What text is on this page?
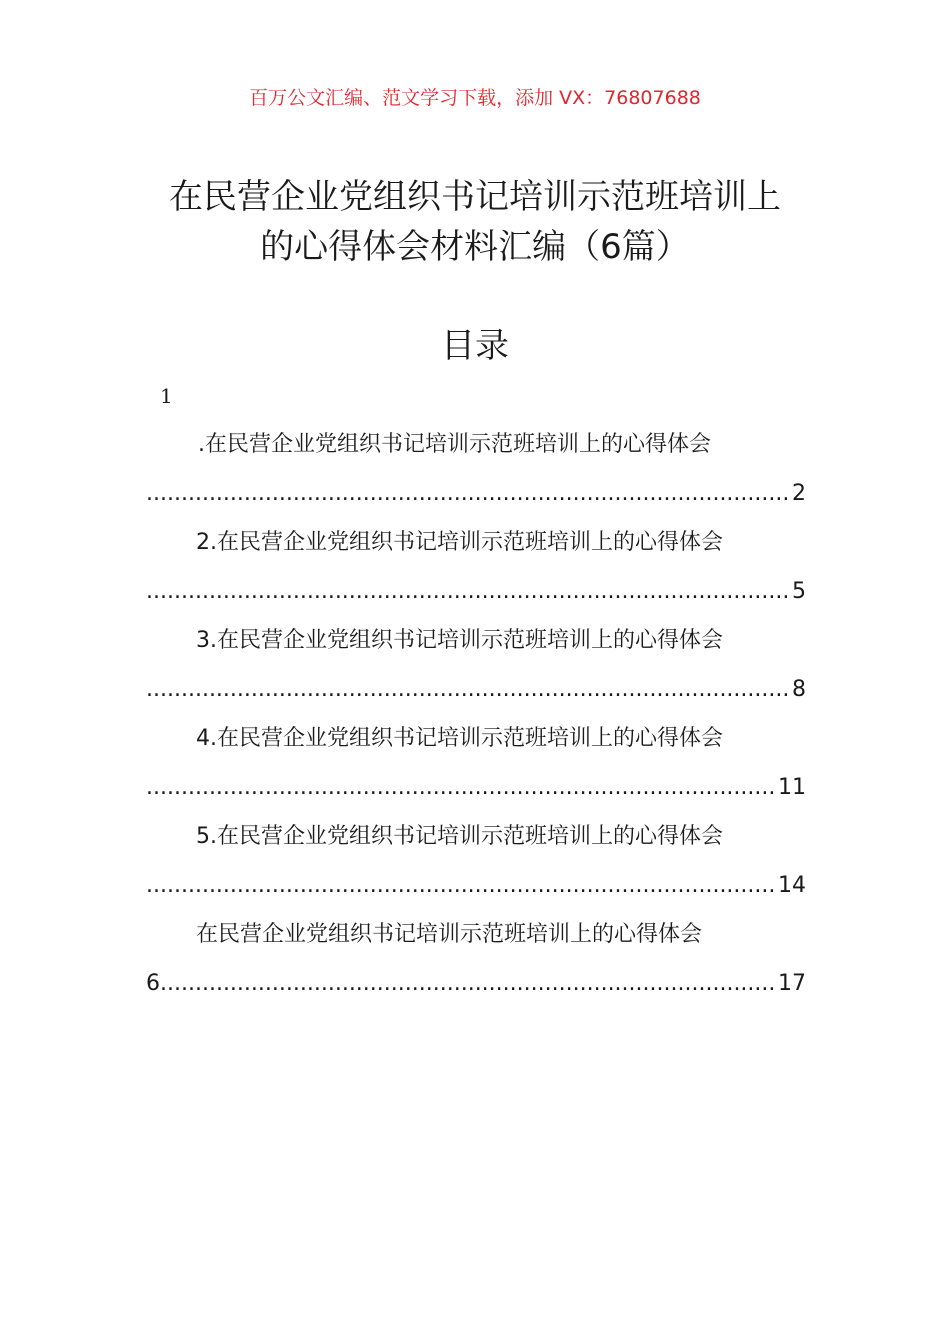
百万公文汇编、范文学习下载，添加 VX：76807688
在民营企业党组织书记培训示范班培训上
的心得体会材料汇编（6篇）
目录
1
.在民营企业党组织书记培训示范班培训上的心得体会
.....
2
2.在民营企业党组织书记培训示范班培训上的心得体会
.....
5
3.在民营企业党组织书记培训示范班培训上的心得体会
.....
8
4.在民营企业党组织书记培训示范班培训上的心得体会
.....
11
5.在民营企业党组织书记培训示范班培训上的心得体会
.....
14
在民营企业党组织书记培训示范班培训上的心得体会
6
.....	17
